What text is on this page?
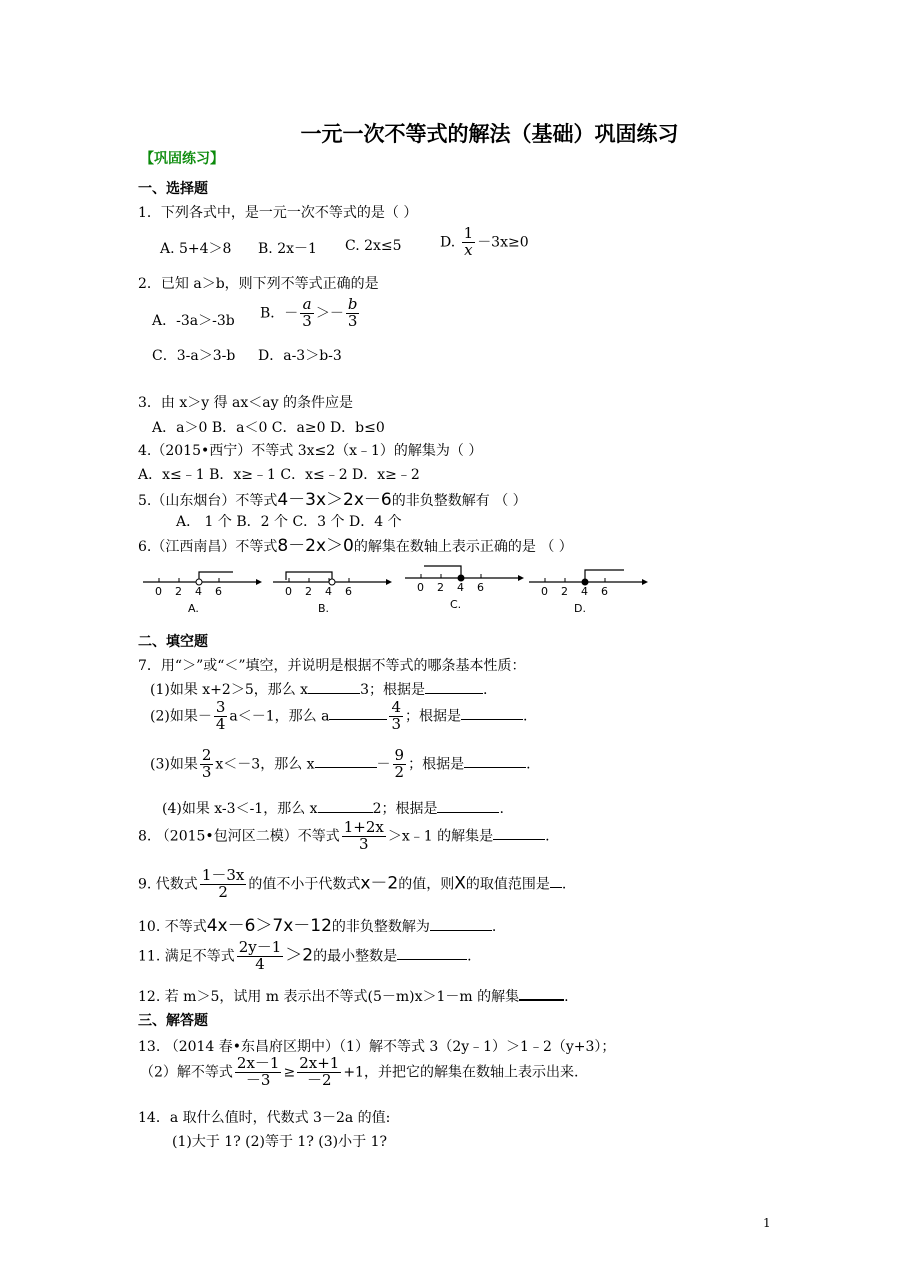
一元一次不等式的解法（基础）巩固练习
【巩固练习】
一、选择题
1．下列各式中，是一元一次不等式的是（ ）
A. 5+4＞8 B. 2x－1 C. 2x≤5	D. $\frac{1}{x} -3x\ge 0$
2．已知 a＞b，则下列不等式正确的是
A．-3a＞-3b B．－ $\frac{a}{3} >- \frac{b}{3}$
C．3-a＞3-b D．a-3＞b-3
3．由 x＞y 得 ax＜ay 的条件应是
A．a＞0 B．a＜0 C．a≥0 D．b≤0
4.（2015•西宁）不等式 3x≤2（x﹣1）的解集为（ ）
A．x≤﹣1 B．x≥﹣1 C．x≤﹣2 D．x≥﹣2
5.（山东烟台）不等式4－3x＞2x－6的非负整数解有 （ ）
A． 1 个 B．2 个 C．3 个 D．4 个
6.（江西南昌）不等式8－2x＞0的解集在数轴上表示正确的是 （ ）
0 2 4 6
A.
0 2 4 6
B.
0 2 4 6
C.
0 2 4 6
D.
二、填空题
7．用“＞”或“＜”填空，并说明是根据不等式的哪条基本性质：
(1)如果 x+2＞5，那么 x	3；根据是	.
(2)如果－ $\frac{3}{4} a<-1$，那么 a	$\frac{4}{3}$ ；根据是	.
(3)如果 $\frac{2}{3} x<-3$，那么 x	－ $\frac{9}{2}$ ；根据是	.
(4)如果 x-3＜-1，那么 x	2；根据是	.
8. （2015•包河区二模）不等式 $\frac{1+2x}{3}$ ＞x﹣1 的解集是	.
9. 代数式 $\frac{1-3x}{2}$ 的值不小于代数式x－2的值，则X的取值范围是 .
10. 不等式4x－6＞7x－12的非负整数解为	.
11. 满足不等式 $\frac{2y-1}{4} >2$的最小整数是	.
12. 若 m＞5，试用 m 表示出不等式(5－m)x＞1－m 的解集	.
三、解答题
13. （2014 春•东昌府区期中）（1）解不等式 3（2y﹣1）＞1﹣2（y+3）；
（2）解不等式 $\frac{2x-1}{-3} \ge \frac{2x+1}{-2} +1$，并把它的解集在数轴上表示出来.
14．a 取什么值时，代数式 3－2a 的值:
(1)大于 1? (2)等于 1? (3)小于 1?
1
